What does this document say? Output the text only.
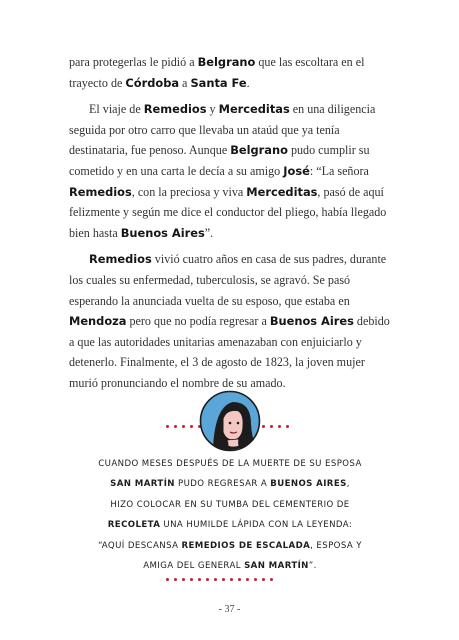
para protegerlas le pidió a Belgrano que las escoltara en el trayecto de Córdoba a Santa Fe.

El viaje de Remedios y Merceditas en una diligencia seguida por otro carro que llevaba un ataúd que ya tenía destinataria, fue penoso. Aunque Belgrano pudo cumplir su cometido y en una carta le decía a su amigo José: “La señora Remedios, con la preciosa y viva Merceditas, pasó de aquí felizmente y según me dice el conductor del pliego, había llegado bien hasta Buenos Aires”.

Remedios vivió cuatro años en casa de sus padres, durante los cuales su enfermedad, tuberculosis, se agravó. Se pasó esperando la anunciada vuelta de su esposo, que estaba en Mendoza pero que no podía regresar a Buenos Aires debido a que las autoridades unitarias amenazaban con enjuiciarlo y detenerlo. Finalmente, el 3 de agosto de 1823, la joven mujer murió pronunciando el nombre de su amado.

CUANDO MESES DESPUÉS DE LA MUERTE DE SU ESPOSA
SAN MARTÍN PUDO REGRESAR A BUENOS AIRES,
HIZO COLOCAR EN SU TUMBA DEL CEMENTERIO DE
RECOLETA UNA HUMILDE LÁPIDA CON LA LEYENDA:
“AQUÍ DESCANSA REMEDIOS DE ESCALADA, ESPOSA Y
AMIGA DEL GENERAL SAN MARTÍN”.
- 37 -
